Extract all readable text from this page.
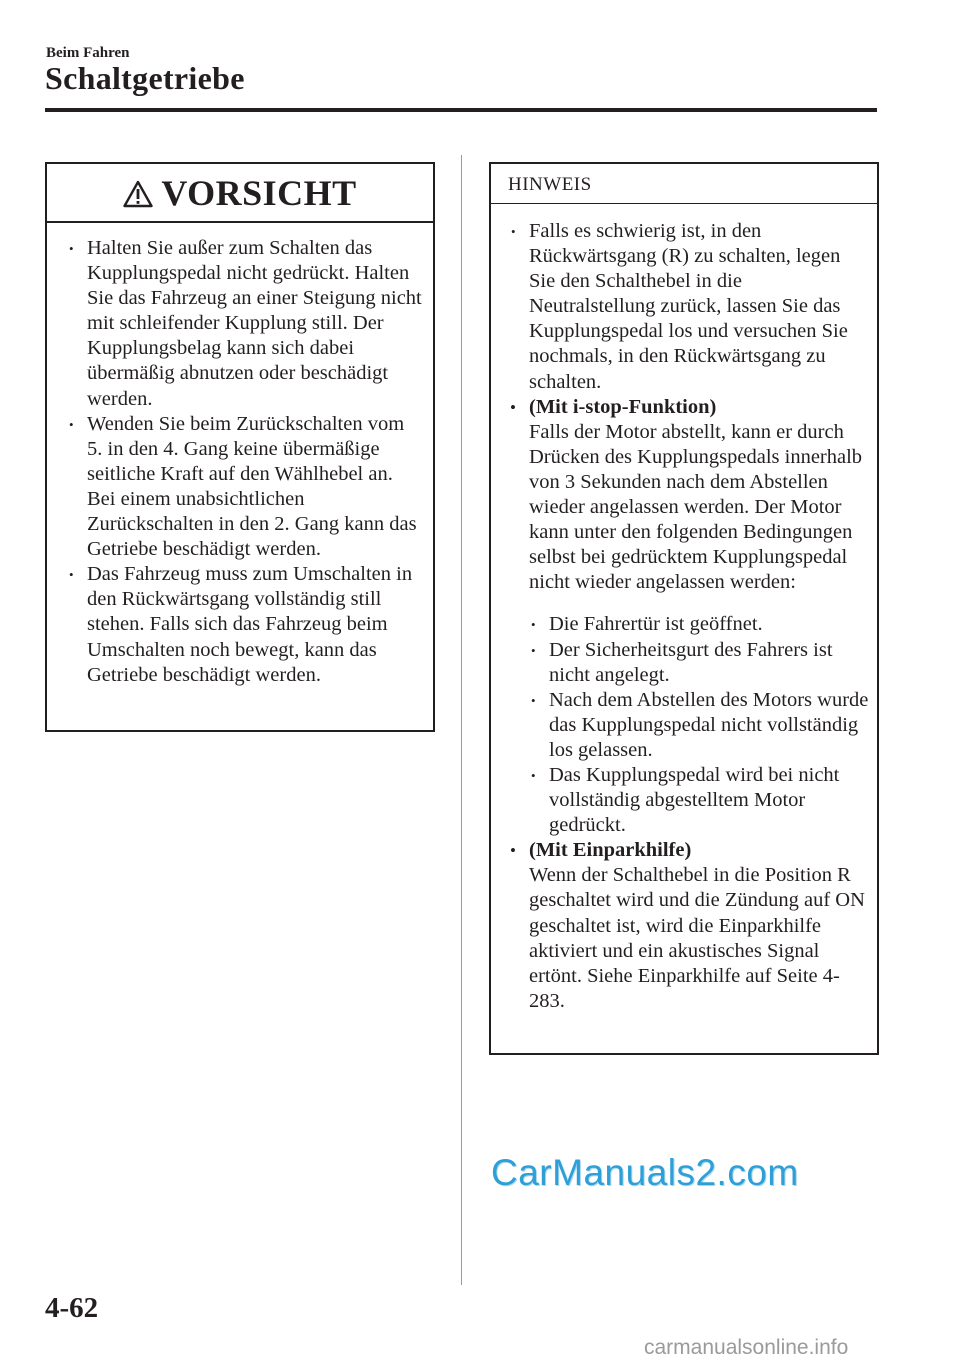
Beim Fahren
Schaltgetriebe
VORSICHT
• Halten Sie außer zum Schalten das Kupplungspedal nicht gedrückt. Halten Sie das Fahrzeug an einer Steigung nicht mit schleifender Kupplung still. Der Kupplungsbelag kann sich dabei übermäßig abnutzen oder beschädigt werden.
• Wenden Sie beim Zurückschalten vom 5. in den 4. Gang keine übermäßige seitliche Kraft auf den Wählhebel an. Bei einem unabsichtlichen Zurückschalten in den 2. Gang kann das Getriebe beschädigt werden.
• Das Fahrzeug muss zum Umschalten in den Rückwärtsgang vollständig still stehen. Falls sich das Fahrzeug beim Umschalten noch bewegt, kann das Getriebe beschädigt werden.
HINWEIS
• Falls es schwierig ist, in den Rückwärtsgang (R) zu schalten, legen Sie den Schalthebel in die Neutralstellung zurück, lassen Sie das Kupplungspedal los und versuchen Sie nochmals, in den Rückwärtsgang zu schalten.
• (Mit i-stop-Funktion)
Falls der Motor abstellt, kann er durch Drücken des Kupplungspedals innerhalb von 3 Sekunden nach dem Abstellen wieder angelassen werden. Der Motor kann unter den folgenden Bedingungen selbst bei gedrücktem Kupplungspedal nicht wieder angelassen werden:
• Die Fahrertür ist geöffnet.
• Der Sicherheitsgurt des Fahrers ist nicht angelegt.
• Nach dem Abstellen des Motors wurde das Kupplungspedal nicht vollständig los gelassen.
• Das Kupplungspedal wird bei nicht vollständig abgestelltem Motor gedrückt.
• (Mit Einparkhilfe)
Wenn der Schalthebel in die Position R geschaltet wird und die Zündung auf ON geschaltet ist, wird die Einparkhilfe aktiviert und ein akustisches Signal ertönt. Siehe Einparkhilfe auf Seite 4-283.
CarManuals2.com
4-62
carmanualsonline.info
